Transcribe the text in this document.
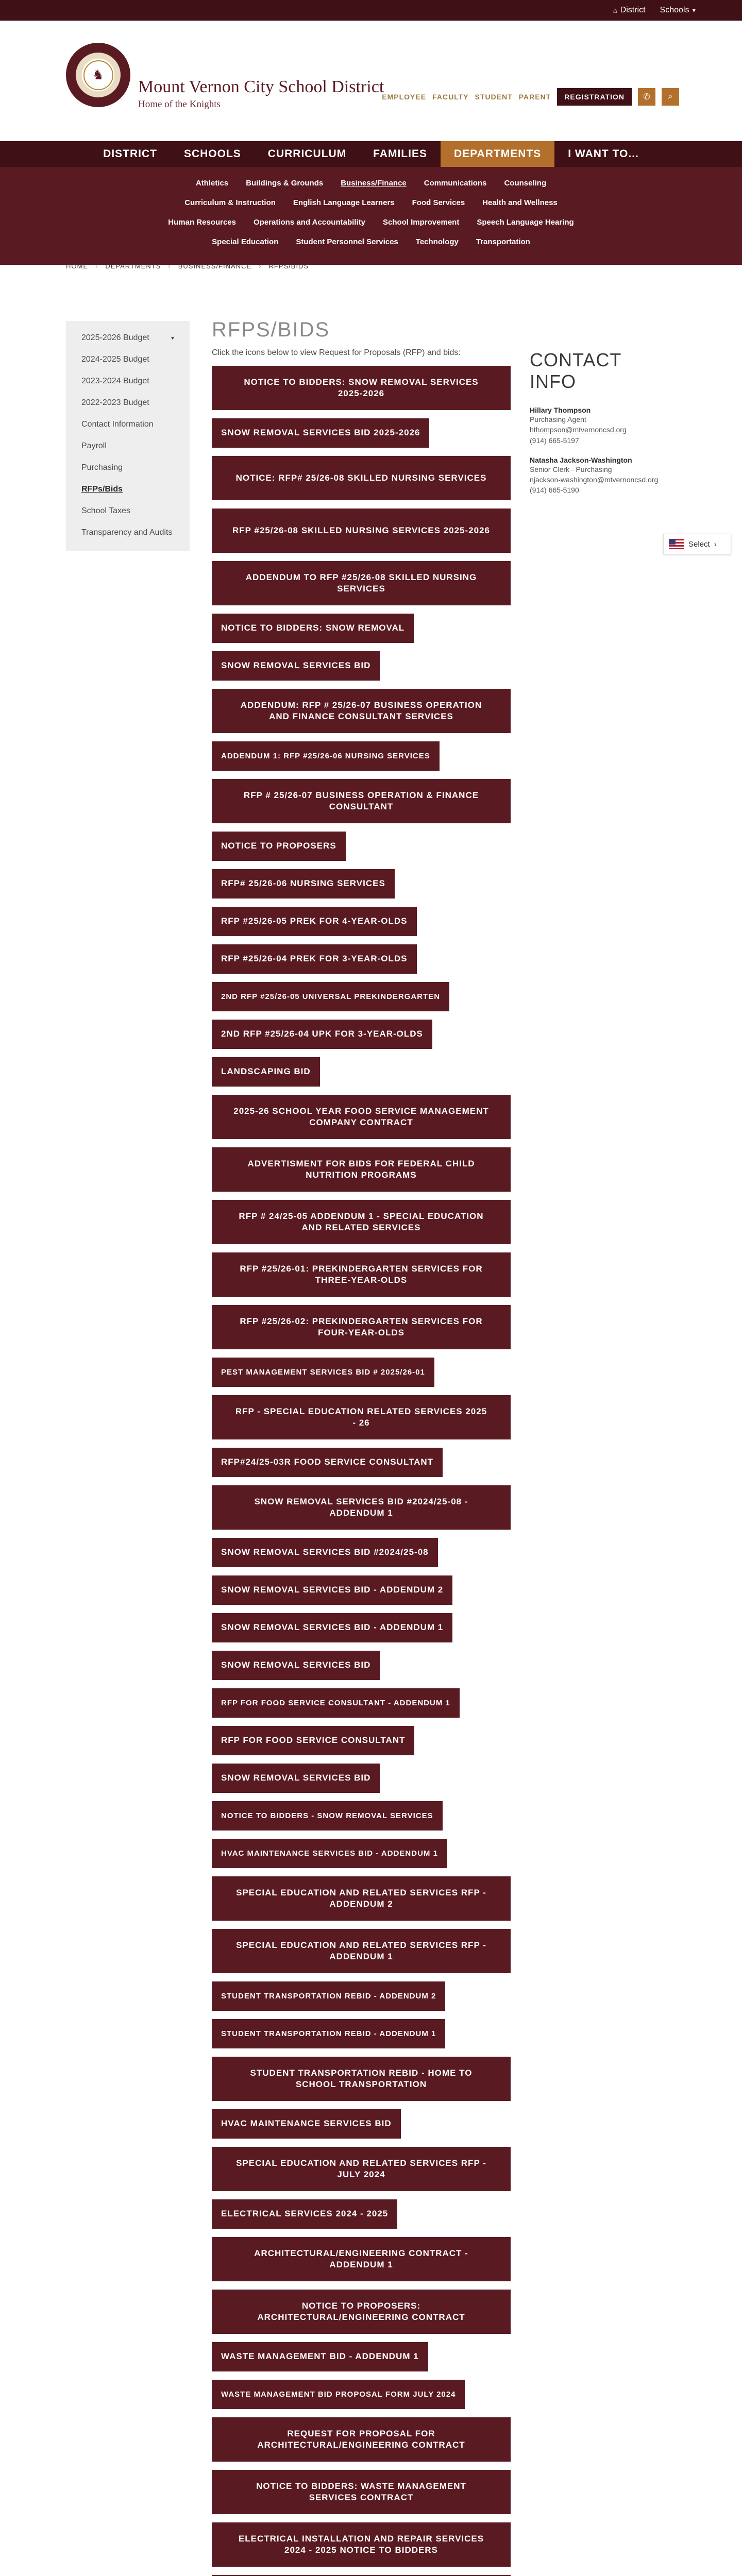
⌂ District Schools ▾
♞
Mount Vernon City School District
Home of the Knights
EMPLOYEE FACULTY STUDENT PARENT	REGISTRATION	✆	⌕
DISTRICT	SCHOOLS	CURRICULUM	FAMILIES	DEPARTMENTS	I WANT TO...
Athletics Buildings & Grounds Business/Finance Communications Counseling
Curriculum & Instruction English Language Learners Food Services Health and Wellness
Human Resources Operations and Accountability School Improvement Speech Language Hearing
Special Education Student Personnel Services Technology Transportation
HOME › DEPARTMENTS › BUSINESS/FINANCE › RFPS/BIDS
2025-2026 Budget	▾
2024-2025 Budget
2023-2024 Budget
2022-2023 Budget
Contact Information
Payroll
Purchasing
RFPs/Bids
School Taxes
Transparency and Audits
RFPS/BIDS

Click the icons below to view Request for Proposals (RFP) and bids:

NOTICE TO BIDDERS: SNOW REMOVAL SERVICES 2025-2026
SNOW REMOVAL SERVICES BID 2025-2026
NOTICE: RFP# 25/26-08 SKILLED NURSING SERVICES
RFP #25/26-08 SKILLED NURSING SERVICES 2025-2026
ADDENDUM TO RFP #25/26-08 SKILLED NURSING SERVICES
NOTICE TO BIDDERS: SNOW REMOVAL
SNOW REMOVAL SERVICES BID
ADDENDUM: RFP # 25/26-07 BUSINESS OPERATION AND FINANCE CONSULTANT SERVICES
ADDENDUM 1: RFP #25/26-06 NURSING SERVICES
RFP # 25/26-07 BUSINESS OPERATION & FINANCE CONSULTANT
NOTICE TO PROPOSERS
RFP# 25/26-06 NURSING SERVICES
RFP #25/26-05 PREK FOR 4-YEAR-OLDS
RFP #25/26-04 PREK FOR 3-YEAR-OLDS
2ND RFP #25/26-05 UNIVERSAL PREKINDERGARTEN
2ND RFP #25/26-04 UPK FOR 3-YEAR-OLDS
LANDSCAPING BID
2025-26 SCHOOL YEAR FOOD SERVICE MANAGEMENT COMPANY CONTRACT
ADVERTISMENT FOR BIDS FOR FEDERAL CHILD NUTRITION PROGRAMS
RFP # 24/25-05 ADDENDUM 1 - SPECIAL EDUCATION AND RELATED SERVICES
RFP #25/26-01: PREKINDERGARTEN SERVICES FOR THREE-YEAR-OLDS
RFP #25/26-02: PREKINDERGARTEN SERVICES FOR FOUR-YEAR-OLDS
PEST MANAGEMENT SERVICES BID # 2025/26-01
RFP - SPECIAL EDUCATION RELATED SERVICES 2025 - 26
RFP#24/25-03R FOOD SERVICE CONSULTANT
SNOW REMOVAL SERVICES BID #2024/25-08 - ADDENDUM 1
SNOW REMOVAL SERVICES BID #2024/25-08
SNOW REMOVAL SERVICES BID - ADDENDUM 2
SNOW REMOVAL SERVICES BID - ADDENDUM 1
SNOW REMOVAL SERVICES BID
RFP FOR FOOD SERVICE CONSULTANT - ADDENDUM 1
RFP FOR FOOD SERVICE CONSULTANT
SNOW REMOVAL SERVICES BID
NOTICE TO BIDDERS - SNOW REMOVAL SERVICES
HVAC MAINTENANCE SERVICES BID - ADDENDUM 1
SPECIAL EDUCATION AND RELATED SERVICES RFP - ADDENDUM 2
SPECIAL EDUCATION AND RELATED SERVICES RFP - ADDENDUM 1
STUDENT TRANSPORTATION REBID - ADDENDUM 2
STUDENT TRANSPORTATION REBID - ADDENDUM 1
STUDENT TRANSPORTATION REBID - HOME TO SCHOOL TRANSPORTATION
HVAC MAINTENANCE SERVICES BID
SPECIAL EDUCATION AND RELATED SERVICES RFP - JULY 2024
ELECTRICAL SERVICES 2024 - 2025
ARCHITECTURAL/ENGINEERING CONTRACT - ADDENDUM 1
NOTICE TO PROPOSERS: ARCHITECTURAL/ENGINEERING CONTRACT
WASTE MANAGEMENT BID - ADDENDUM 1
WASTE MANAGEMENT BID PROPOSAL FORM JULY 2024
REQUEST FOR PROPOSAL FOR ARCHITECTURAL/ENGINEERING CONTRACT
NOTICE TO BIDDERS: WASTE MANAGEMENT SERVICES CONTRACT
ELECTRICAL INSTALLATION AND REPAIR SERVICES 2024 - 2025 NOTICE TO BIDDERS
CONTACT INFO
Hillary Thompson
Purchasing Agent
hthompson@mtvernoncsd.org
(914) 665-5197
Natasha Jackson-Washington
Senior Clerk - Purchasing
njackson-washington@mtvernoncsd.org
(914) 665-5190
Select ›
